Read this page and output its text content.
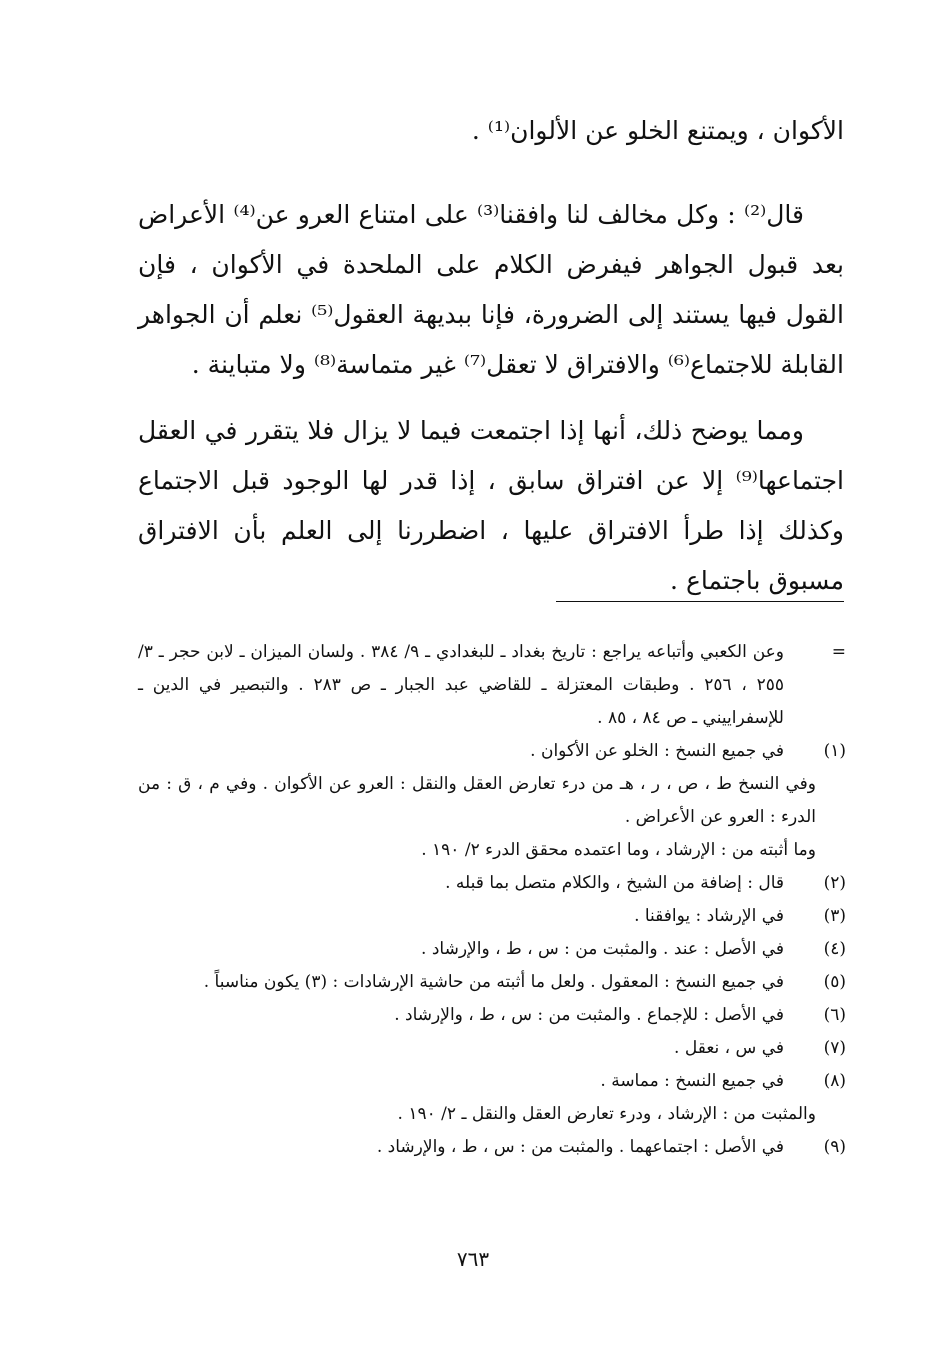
الأكوان ، ويمتنع الخلو عن الألوان⁽¹⁾ .

قال⁽²⁾ : وكل مخالف لنا وافقنا⁽³⁾ على امتناع العرو عن⁽⁴⁾ الأعراض بعد قبول الجواهر فيفرض الكلام على الملحدة في الأكوان ، فإن القول فيها يستند إلى الضرورة، فإنا ببديهة العقول⁽⁵⁾ نعلم أن الجواهر القابلة للاجتماع⁽⁶⁾ والافتراق لا تعقل⁽⁷⁾ غير متماسة⁽⁸⁾ ولا متباينة .

ومما يوضح ذلك، أنها إذا اجتمعت فيما لا يزال فلا يتقرر في العقل اجتماعها⁽⁹⁾ إلا عن افتراق سابق ، إذا قدر لها الوجود قبل الاجتماع وكذلك إذا طرأ الافتراق عليها ، اضطررنا إلى العلم بأن الافتراق مسبوق باجتماع .

=
وعن الكعبي وأتباعه يراجع : تاريخ بغداد ـ للبغدادي ـ ٩/ ٣٨٤ . ولسان الميزان ـ لابن حجر ـ ٣/ ٢٥٥ ، ٢٥٦ . وطبقات المعتزلة ـ للقاضي عبد الجبار ـ ص ٢٨٣ . والتبصير في الدين ـ للإسفراييني ـ ص ٨٤ ، ٨٥ .
(١)
في جميع النسخ : الخلو عن الأكوان .
وفي النسخ ط ، ص ، ر ، هـ من درء تعارض العقل والنقل : العرو عن الأكوان . وفي م ، ق : من الدرء : العرو عن الأعراض .
وما أثبته من : الإرشاد ، وما اعتمده محقق الدرء ٢/ ١٩٠ .
(٢)
قال : إضافة من الشيخ ، والكلام متصل بما قبله .
(٣)
في الإرشاد : يوافقنا .
(٤)
في الأصل : عند . والمثبت من : س ، ط ، والإرشاد .
(٥)
في جميع النسخ : المعقول . ولعل ما أثبته من حاشية الإرشادات : (٣) يكون مناسباً .
(٦)
في الأصل : للإجماع . والمثبت من : س ، ط ، والإرشاد .
(٧)
في س ، نعقل .
(٨)
في جميع النسخ : مماسة .
والمثبت من : الإرشاد ، ودرء تعارض العقل والنقل ـ ٢/ ١٩٠ .
(٩)
في الأصل : اجتماعهما . والمثبت من : س ، ط ، والإرشاد .
٧٦٣
